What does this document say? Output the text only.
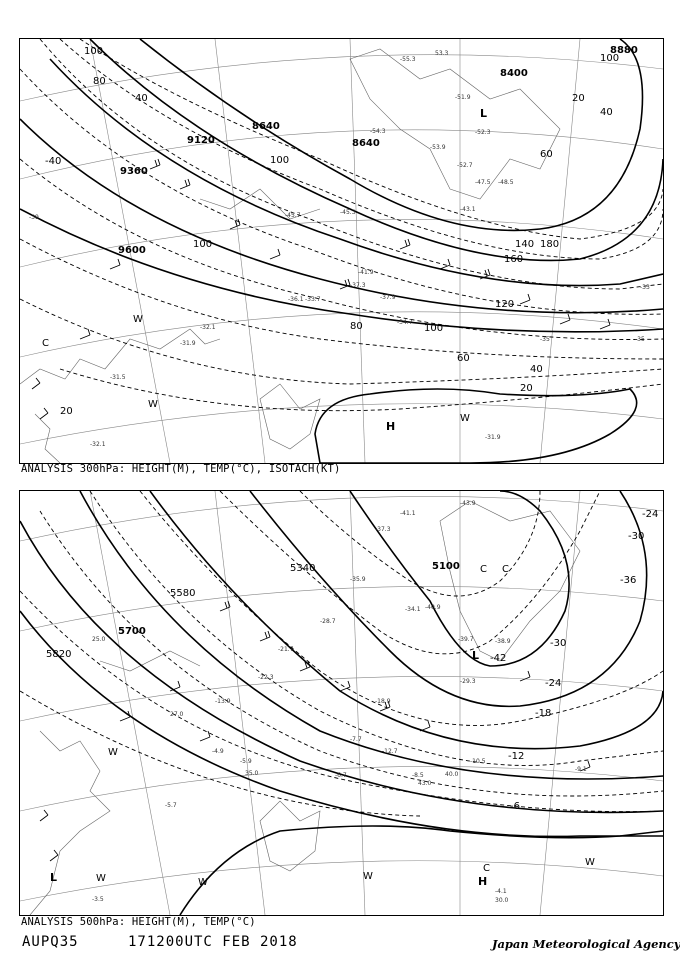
8880
8400
8640
8640
9120
9360
9600
100
80
100
60
20
40
100
140
160
180
120
100
60
40
20
40
100
80
20
-40
-39
-33
-35
-35
53.3
-55.3
-52.3
-51.9
-54.3
-53.9
-52.7
-47.5 -48.5
-45.3	-43.1
-45.7
-41.9
-37.9
-37.3
-34.7
-36.1 -33.7
-32.1
-31.9
-31.5
-32.1
-31.9
L
H
W
W
C
W
ANALYSIS 300hPa: HEIGHT(M), TEMP(°C), ISOTACH(KT)
5100
5340
5580
5700
5820
-24
-30
-36
-42
-30
-24
-18
-12
-6
-43.9
-41.1
-38.9
-39.7
-37.3
-40.9
-35.9
-34.1
-29.3
-28.7
-22.3
-21.7
-18.9
-13.9
-12.7
-10.5
-8.5
-6.7
-5.9
-4.9
-5.7
-4.1
-3.5
-9.1
-7.7
30.0
40.0
43.0
35.0
27.0
25.0
C C
L
W
W	W
W
W
C
H
L
ANALYSIS 500hPa: HEIGHT(M), TEMP(°C)
AUPQ35	171200UTC FEB 2018	Japan Meteorological Agency
